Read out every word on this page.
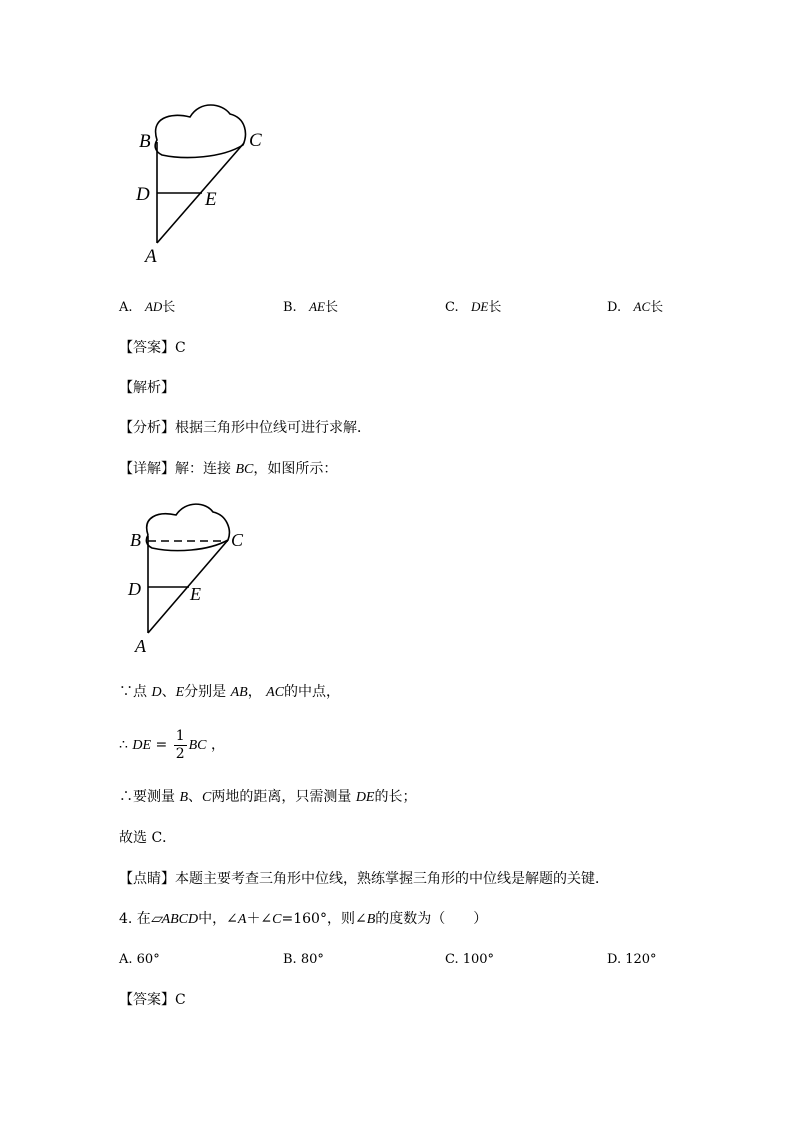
B	C
D	E
A
A. AD长	B. AE长	C. DE长	D. AC长
【答案】C
【解析】
【分析】根据三角形中位线可进行求解．
【详解】解：连接 BC，如图所示：
B	C
D	E
A
∵点 D、E分别是 AB， AC的中点，
∴ DE = $\frac{1}{2}$ BC ，
∴要测量 B、C两地的距离，只需测量 DE的长；
故选 C．
【点睛】本题主要考查三角形中位线，熟练掌握三角形的中位线是解题的关键．
4. 在▱ABCD中，∠A＋∠C=160°，则∠B的度数为（　　）
A. 60°	B. 80°	C. 100°	D. 120°
【答案】C
